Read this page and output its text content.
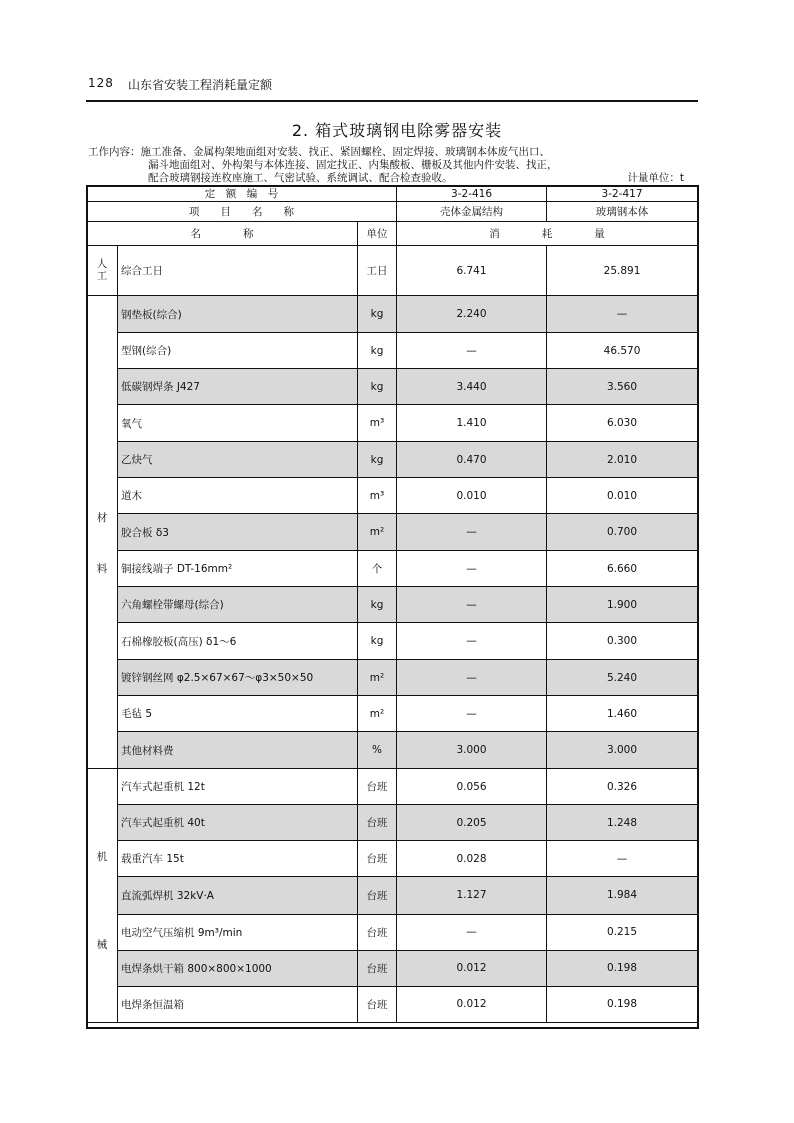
128 山东省安装工程消耗量定额
2. 箱式玻璃钢电除雾器安装
工作内容：施工准备、金属构架地面组对安装、找正、紧固螺栓、固定焊接、玻璃钢本体废气出口、
漏斗地面组对、外构架与本体连接、固定找正、内集酸板、栅板及其他内件安装、找正，
配合玻璃钢接连枚座施工、气密试验、系统调试、配合检查验收。	计量单位：t
定　额　编　号			3-2-416	3-2-417
项　　目　　名　　称			壳体金属结构	玻璃钢本体
名　　　　称		单位	消　　　　耗　　　　量	
人工	综合工日	工日	6.741	25.891

材
料	钢垫板(综合)	kg	2.240	—
	型钢(综合)	kg	—	46.570
	低碳钢焊条 J427	kg	3.440	3.560
	氧气	m³	1.410	6.030
	乙炔气	kg	0.470	2.010
	道木	m³	0.010	0.010
	胶合板 δ3	m²	—	0.700
	铜接线端子 DT-16mm²	个	—	6.660
	六角螺栓带螺母(综合)	kg	—	1.900
	石棉橡胶板(高压) δ1～6	kg	—	0.300
	镀锌钢丝网 φ2.5×67×67～φ3×50×50	m²	—	5.240
	毛毡 5	m²	—	1.460
	其他材料费	%	3.000	3.000

机
械	汽车式起重机 12t	台班	0.056	0.326
	汽车式起重机 40t	台班	0.205	1.248
	载重汽车 15t	台班	0.028	—
	直流弧焊机 32kV·A	台班	1.127	1.984
	电动空气压缩机 9m³/min	台班	—	0.215
	电焊条烘干箱 800×800×1000	台班	0.012	0.198
	电焊条恒温箱	台班	0.012	0.198
